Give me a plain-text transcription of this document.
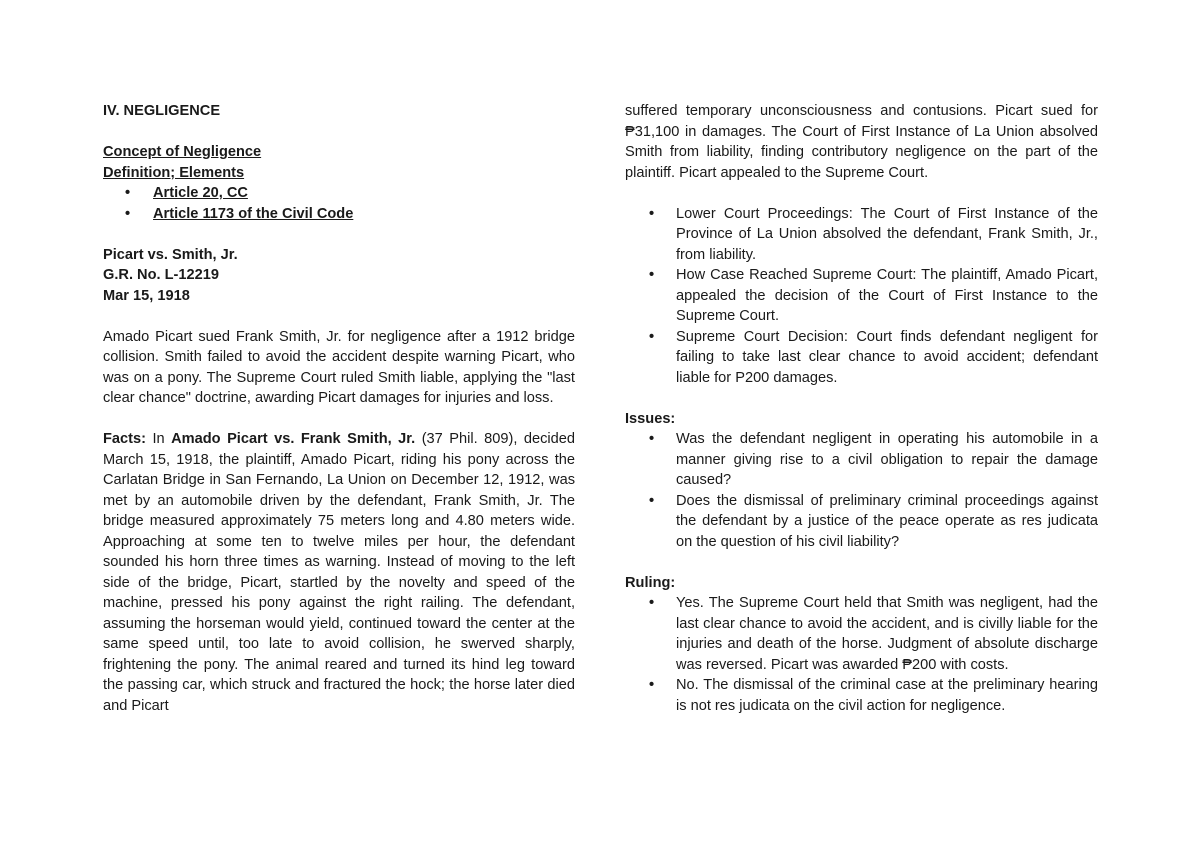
IV. NEGLIGENCE

Concept of Negligence

Definition; Elements

• Article 20, CC
• Article 1173 of the Civil Code

Picart vs. Smith, Jr.

G.R. No. L-12219

Mar 15, 1918

Amado Picart sued Frank Smith, Jr. for negligence after a 1912 bridge collision. Smith failed to avoid the accident despite warning Picart, who was on a pony. The Supreme Court ruled Smith liable, applying the "last clear chance" doctrine, awarding Picart damages for injuries and loss.

Facts: In Amado Picart vs. Frank Smith, Jr. (37 Phil. 809), decided March 15, 1918, the plaintiff, Amado Picart, riding his pony across the Carlatan Bridge in San Fernando, La Union on December 12, 1912, was met by an automobile driven by the defendant, Frank Smith, Jr. The bridge measured approximately 75 meters long and 4.80 meters wide. Approaching at some ten to twelve miles per hour, the defendant sounded his horn three times as warning. Instead of moving to the left side of the bridge, Picart, startled by the novelty and speed of the machine, pressed his pony against the right railing. The defendant, assuming the horseman would yield, continued toward the center at the same speed until, too late to avoid collision, he swerved sharply, frightening the pony. The animal reared and turned its hind leg toward the passing car, which struck and fractured the hock; the horse later died and Picart

suffered temporary unconsciousness and contusions. Picart sued for ₱31,100 in damages. The Court of First Instance of La Union absolved Smith from liability, finding contributory negligence on the part of the plaintiff. Picart appealed to the Supreme Court.

• Lower Court Proceedings: The Court of First Instance of the Province of La Union absolved the defendant, Frank Smith, Jr., from liability.
• How Case Reached Supreme Court: The plaintiff, Amado Picart, appealed the decision of the Court of First Instance to the Supreme Court.
• Supreme Court Decision: Court finds defendant negligent for failing to take last clear chance to avoid accident; defendant liable for P200 damages.

Issues:

• Was the defendant negligent in operating his automobile in a manner giving rise to a civil obligation to repair the damage caused?
• Does the dismissal of preliminary criminal proceedings against the defendant by a justice of the peace operate as res judicata on the question of his civil liability?

Ruling:

• Yes. The Supreme Court held that Smith was negligent, had the last clear chance to avoid the accident, and is civilly liable for the injuries and death of the horse. Judgment of absolute discharge was reversed. Picart was awarded ₱200 with costs.
• No. The dismissal of the criminal case at the preliminary hearing is not res judicata on the civil action for negligence.
